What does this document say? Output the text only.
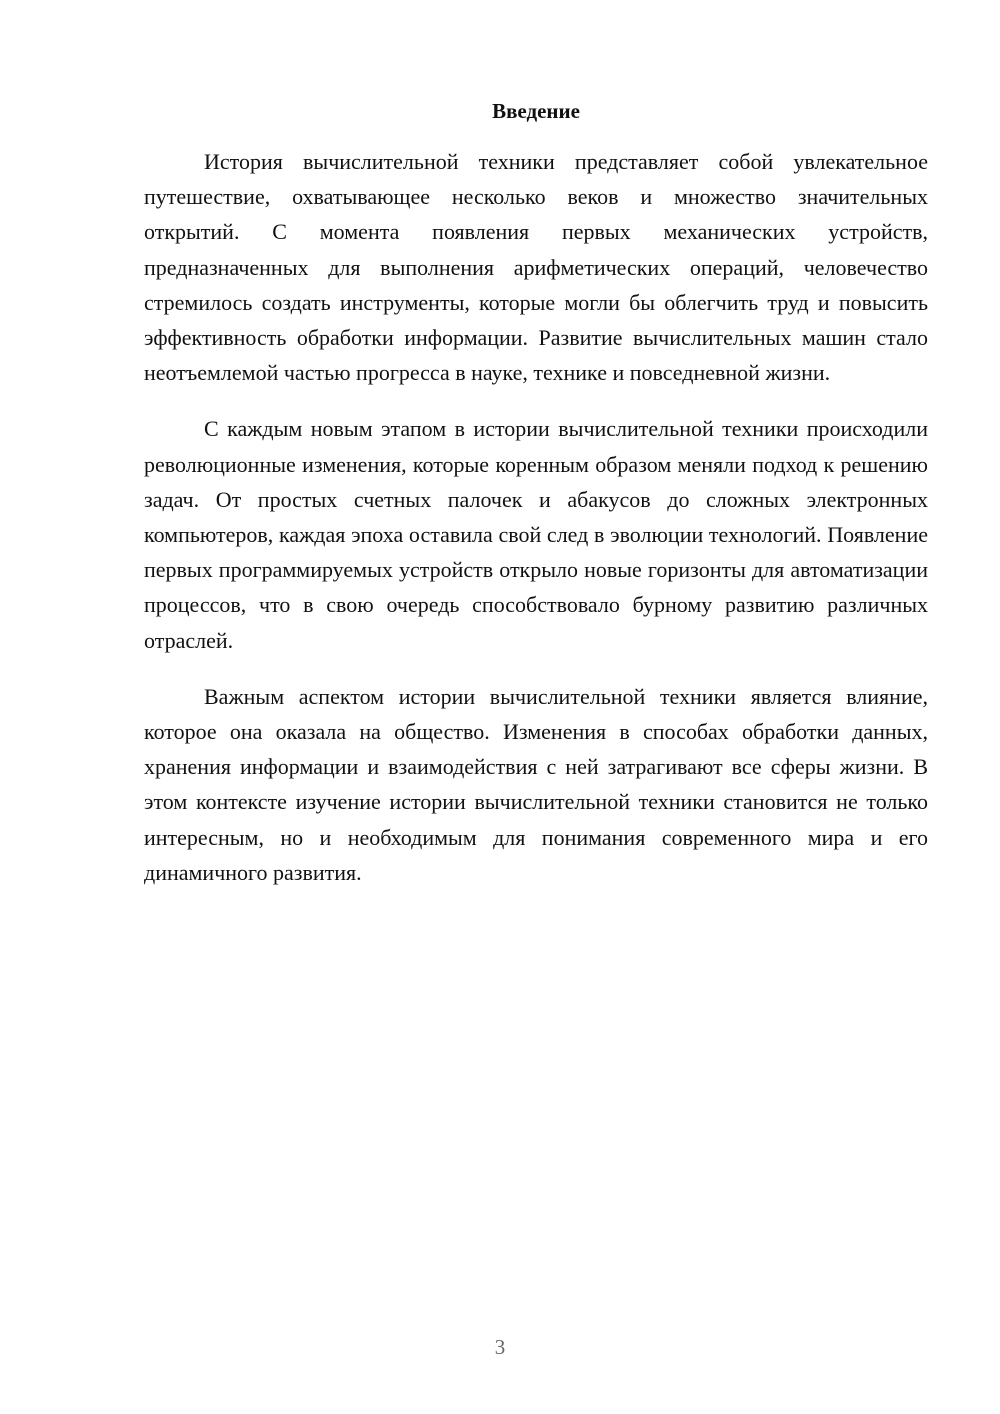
Введение

История вычислительной техники представляет собой увлекательное путешествие, охватывающее несколько веков и множество значительных открытий. С момента появления первых механических устройств, предназначенных для выполнения арифметических операций, человечество стремилось создать инструменты, которые могли бы облегчить труд и повысить эффективность обработки информации. Развитие вычислительных машин стало неотъемлемой частью прогресса в науке, технике и повседневной жизни.

С каждым новым этапом в истории вычислительной техники происходили революционные изменения, которые коренным образом меняли подход к решению задач. От простых счетных палочек и абакусов до сложных электронных компьютеров, каждая эпоха оставила свой след в эволюции технологий. Появление первых программируемых устройств открыло новые горизонты для автоматизации процессов, что в свою очередь способствовало бурному развитию различных отраслей.

Важным аспектом истории вычислительной техники является влияние, которое она оказала на общество. Изменения в способах обработки данных, хранения информации и взаимодействия с ней затрагивают все сферы жизни. В этом контексте изучение истории вычислительной техники становится не только интересным, но и необходимым для понимания современного мира и его динамичного развития.

3
